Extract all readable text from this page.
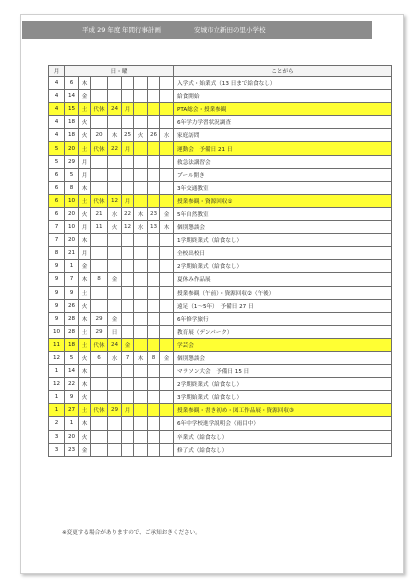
平成 29 年度 年間行事計画	安城市立新田の里小学校
月	日・曜								ことがら
4	6	木							入学式・始業式（13 日まで給食なし）
4	14	金							給食開始
4	15	土	代休	24	月				PTA総会・授業参観
4	18	火							6年学力学習状況調査
4	18	火	20	木	25	火	26	水	家庭訪問
5	20	土	代休	22	月				運動会　予備日 21 日
5	29	月							救急法講習会
6	5	月							プール開き
6	8	木							3年交通教室
6	10	土	代休	12	月				授業参観・資源回収①
6	20	火	21	水	22	木	23	金	5年自然教室
7	10	月	11	火	12	水	13	木	個別懇談会
7	20	木							1学期終業式（給食なし）
8	21	月							全校出校日
9	1	金							2学期始業式（給食なし）
9	7	木	8	金					夏休み作品展
9	9	土							授業参観（午前）・資源回収②（午後）
9	26	火							遠足（1～5年）　予備日 27 日
9	28	木	29	金					6年修学旅行
10	28	土	29	日					教育展（デンパーク）
11	18	土	代休	24	金				学芸会
12	5	火	6	水	7	木	8	金	個別懇談会
1	14	木							マラソン大会　予備日 15 日
12	22	木							2学期終業式（給食なし）
1	9	火							3学期始業式（給食なし）
1	27	土	代休	29	月				授業参観・書き初め・図工作品展・資源回収③
2	1	木							6年中学校進学説明会（雨目中）
3	20	火							卒業式（給食なし）
3	23	金							修了式（給食なし）
※変更する場合がありますので、ご承知おきください。
